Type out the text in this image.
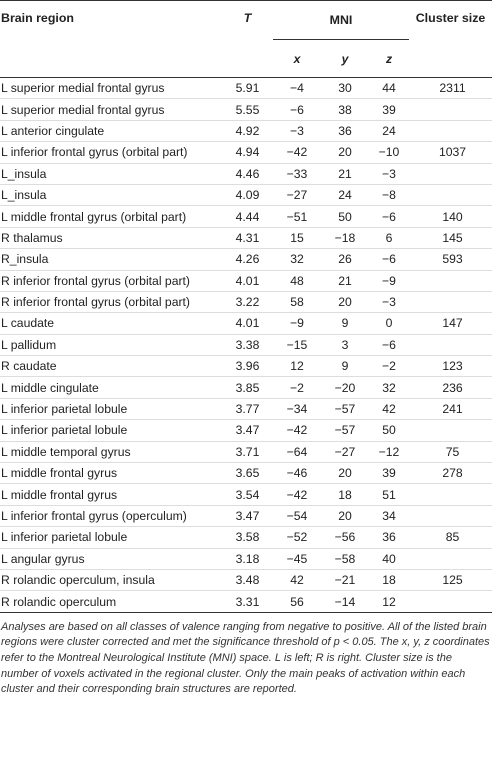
Brain region	T	MNI			Cluster size
		x	y	z	
L superior medial frontal gyrus	5.91	−4	30	44	2311
L superior medial frontal gyrus	5.55	−6	38	39	
L anterior cingulate	4.92	−3	36	24	
L inferior frontal gyrus (orbital part)	4.94	−42	20	−10	1037
L_insula	4.46	−33	21	−3	
L_insula	4.09	−27	24	−8	
L middle frontal gyrus (orbital part)	4.44	−51	50	−6	140
R thalamus	4.31	15	−18	6	145
R_insula	4.26	32	26	−6	593
R inferior frontal gyrus (orbital part)	4.01	48	21	−9	
R inferior frontal gyrus (orbital part)	3.22	58	20	−3	
L caudate	4.01	−9	9	0	147
L pallidum	3.38	−15	3	−6	
R caudate	3.96	12	9	−2	123
L middle cingulate	3.85	−2	−20	32	236
L inferior parietal lobule	3.77	−34	−57	42	241
L inferior parietal lobule	3.47	−42	−57	50	
L middle temporal gyrus	3.71	−64	−27	−12	75
L middle frontal gyrus	3.65	−46	20	39	278
L middle frontal gyrus	3.54	−42	18	51	
L inferior frontal gyrus (operculum)	3.47	−54	20	34	
L inferior parietal lobule	3.58	−52	−56	36	85
L angular gyrus	3.18	−45	−58	40	
R rolandic operculum, insula	3.48	42	−21	18	125
R rolandic operculum	3.31	56	−14	12	
Analyses are based on all classes of valence ranging from negative to positive. All of the listed brain regions were cluster corrected and met the significance threshold of p < 0.05. The x, y, z coordinates refer to the Montreal Neurological Institute (MNI) space. L is left; R is right. Cluster size is the number of voxels activated in the regional cluster. Only the main peaks of activation within each cluster and their corresponding brain structures are reported.
